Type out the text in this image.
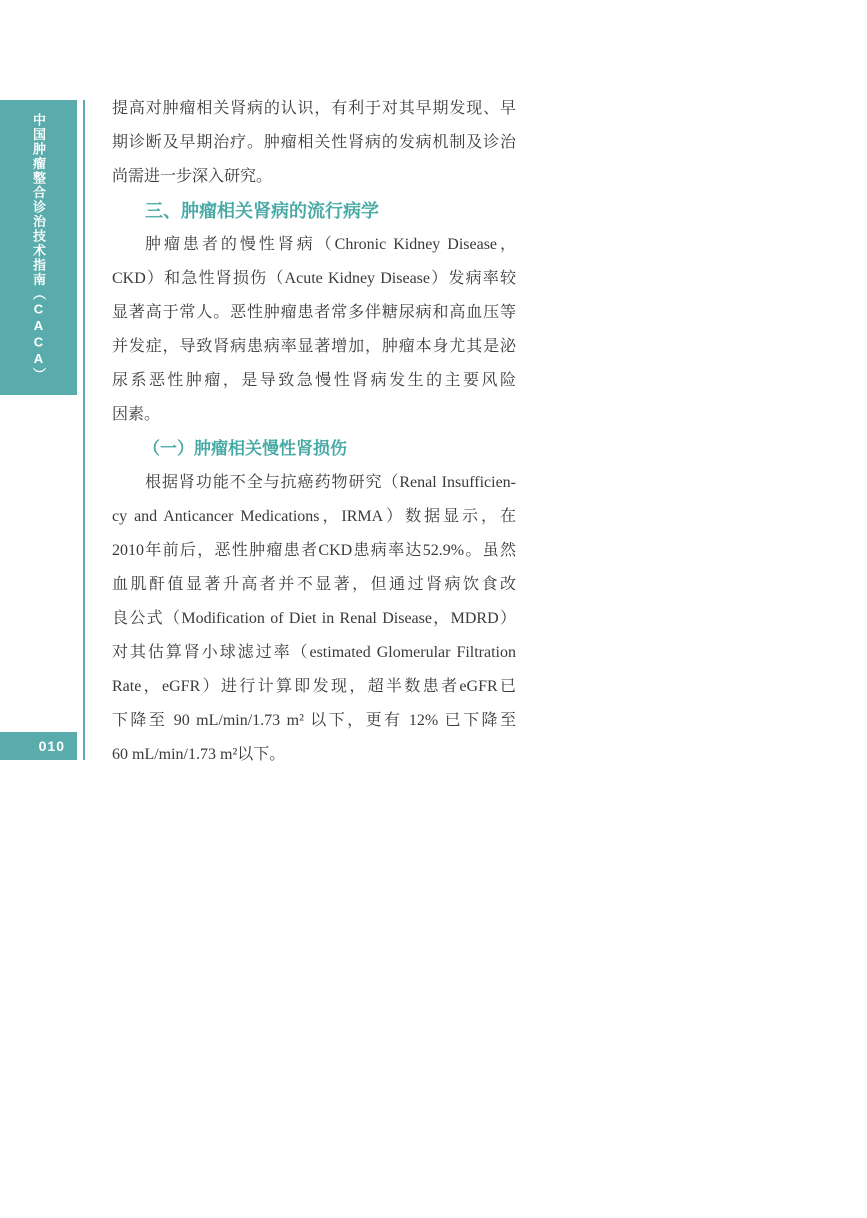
中国肿瘤整合诊治技术指南（CACA）
010
提高对肿瘤相关肾病的认识，有利于对其早期发现、早
期诊断及早期治疗。肿瘤相关性肾病的发病机制及诊治
尚需进一步深入研究。
三、肿瘤相关肾病的流行病学
肿瘤患者的慢性肾病（Chronic Kidney Disease，
CKD）和急性肾损伤（Acute Kidney Disease）发病率较
显著高于常人。恶性肿瘤患者常多伴糖尿病和高血压等
并发症，导致肾病患病率显著增加，肿瘤本身尤其是泌
尿系恶性肿瘤，是导致急慢性肾病发生的主要风险
因素。
（一）肿瘤相关慢性肾损伤
根据肾功能不全与抗癌药物研究（Renal Insufficien-
cy and Anticancer Medications，IRMA）数据显示，在
2010年前后，恶性肿瘤患者CKD患病率达52.9%。虽然
血肌酐值显著升高者并不显著，但通过肾病饮食改
良公式（Modification of Diet in Renal Disease，MDRD）
对其估算肾小球滤过率（estimated Glomerular Filtration
Rate，eGFR）进行计算即发现，超半数患者eGFR已
下降至 90 mL/min/1.73 m² 以下，更有 12% 已下降至
60 mL/min/1.73 m²以下。
